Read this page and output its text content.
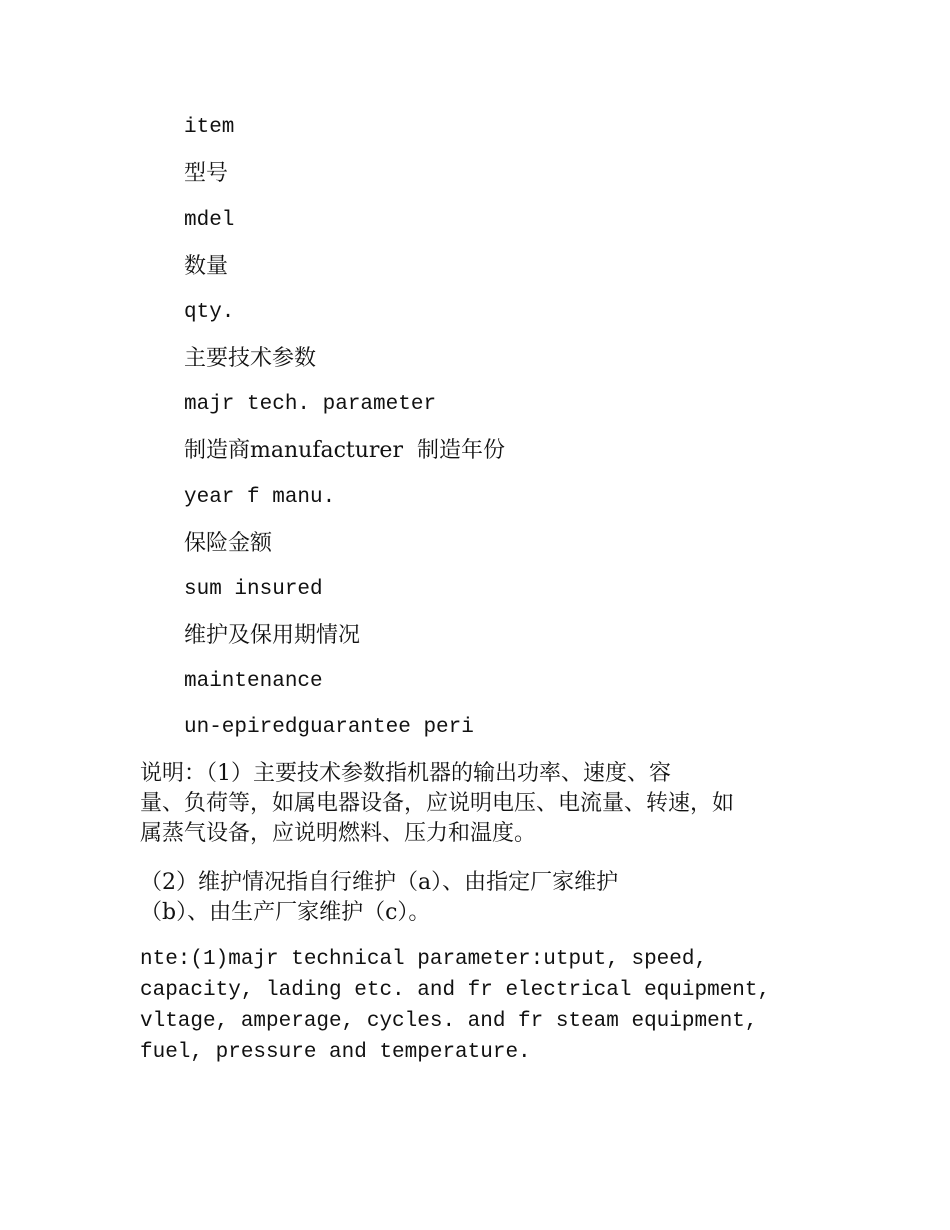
item
型号
mdel
数量
qty.
主要技术参数
majr tech. parameter
制造商manufacturer  制造年份
year f manu.
保险金额
sum insured
维护及保用期情况
maintenance
un-epiredguarantee peri
说明：（1）主要技术参数指机器的输出功率、速度、容
量、负荷等，如属电器设备，应说明电压、电流量、转速，如
属蒸气设备，应说明燃料、压力和温度。
（2）维护情况指自行维护（a）、由指定厂家维护
（b）、由生产厂家维护（c）。
nte:(1)majr technical parameter:utput, speed,
capacity, lading etc. and fr electrical equipment,
vltage, amperage, cycles. and fr steam equipment,
fuel, pressure and temperature.
